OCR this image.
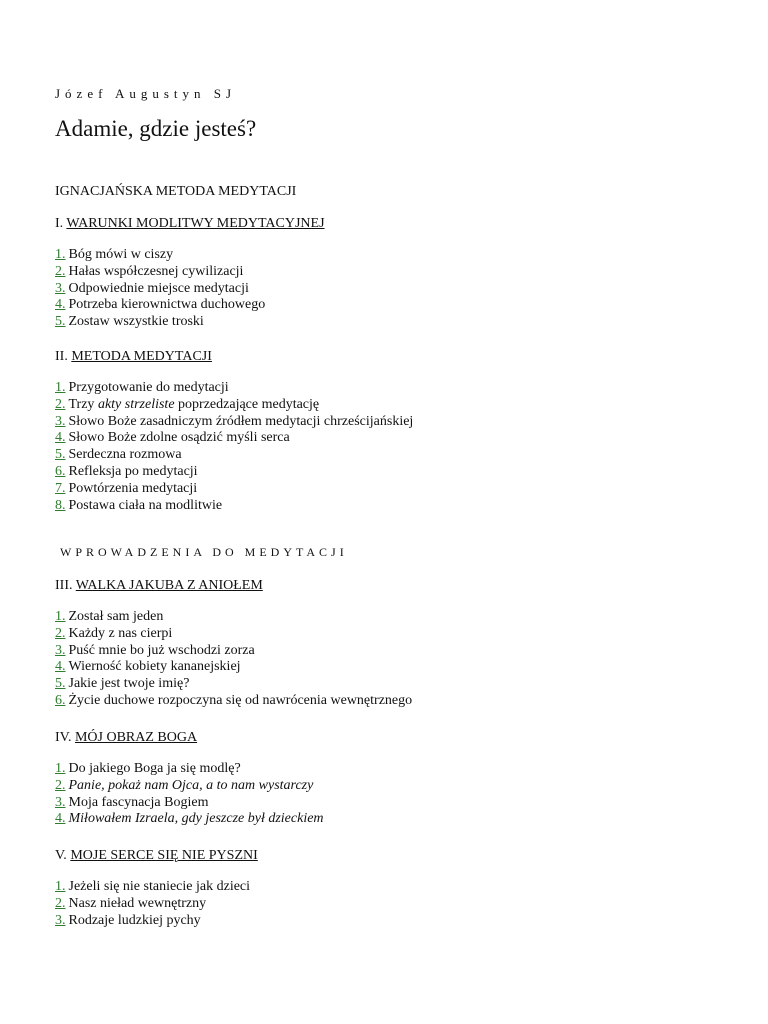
Józef Augustyn SJ
Adamie, gdzie jesteś?
IGNACJAŃSKA METODA MEDYTACJI
I. WARUNKI MODLITWY MEDYTACYJNEJ
1. Bóg mówi w ciszy
2. Hałas współczesnej cywilizacji
3. Odpowiednie miejsce medytacji
4. Potrzeba kierownictwa duchowego
5. Zostaw wszystkie troski
II. METODA MEDYTACJI
1. Przygotowanie do medytacji
2. Trzy akty strzeliste poprzedzające medytację
3. Słowo Boże zasadniczym źródłem medytacji chrześcijańskiej
4. Słowo Boże zdolne osądzić myśli serca
5. Serdeczna rozmowa
6. Refleksja po medytacji
7. Powtórzenia medytacji
8. Postawa ciała na modlitwie
WPROWADZENIA DO MEDYTACJI
III. WALKA JAKUBA Z ANIOŁEM
1. Został sam jeden
2. Każdy z nas cierpi
3. Puść mnie bo już wschodzi zorza
4. Wierność kobiety kananejskiej
5. Jakie jest twoje imię?
6. Życie duchowe rozpoczyna się od nawrócenia wewnętrznego
IV. MÓJ OBRAZ BOGA
1. Do jakiego Boga ja się modlę?
2. Panie, pokaż nam Ojca, a to nam wystarczy
3. Moja fascynacja Bogiem
4. Miłowałem Izraela, gdy jeszcze był dzieckiem
V. MOJE SERCE SIĘ NIE PYSZNI
1. Jeżeli się nie staniecie jak dzieci
2. Nasz nieład wewnętrzny
3. Rodzaje ludzkiej pychy
